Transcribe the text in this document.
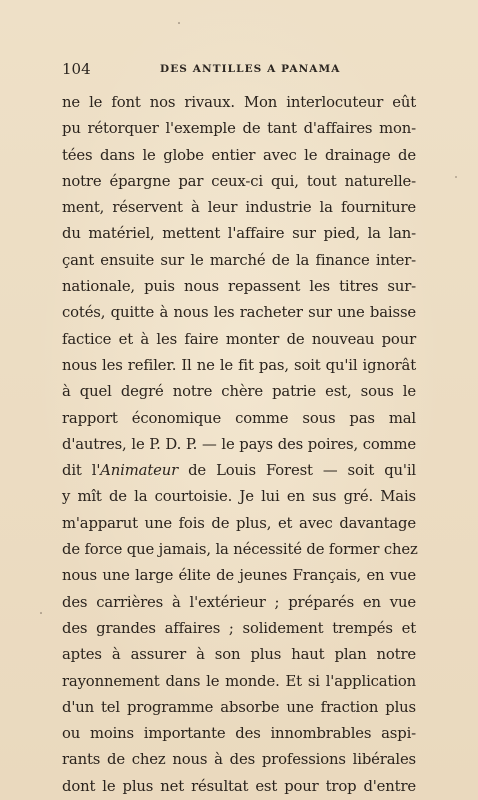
104	DES ANTILLES A PANAMA
ne le font nos rivaux. Mon interlocuteur eût
pu rétorquer l'exemple de tant d'affaires mon-
tées dans le globe entier avec le drainage de
notre épargne par ceux-ci qui, tout naturelle-
ment, réservent à leur industrie la fourniture
du matériel, mettent l'affaire sur pied, la lan-
çant ensuite sur le marché de la finance inter-
nationale, puis nous repassent les titres sur-
cotés, quitte à nous les racheter sur une baisse
factice et à les faire monter de nouveau pour
nous les refiler. Il ne le fit pas, soit qu'il ignorât
à quel degré notre chère patrie est, sous le
rapport économique comme sous pas mal
d'autres, le P. D. P. — le pays des poires, comme
dit l'Animateur de Louis Forest — soit qu'il
y mît de la courtoisie. Je lui en sus gré. Mais
m'apparut une fois de plus, et avec davantage
de force que jamais, la nécessité de former chez
nous une large élite de jeunes Français, en vue
des carrières à l'extérieur ; préparés en vue
des grandes affaires ; solidement trempés et
aptes à assurer à son plus haut plan notre
rayonnement dans le monde. Et si l'application
d'un tel programme absorbe une fraction plus
ou moins importante des innombrables aspi-
rants de chez nous à des professions libérales
dont le plus net résultat est pour trop d'entre
